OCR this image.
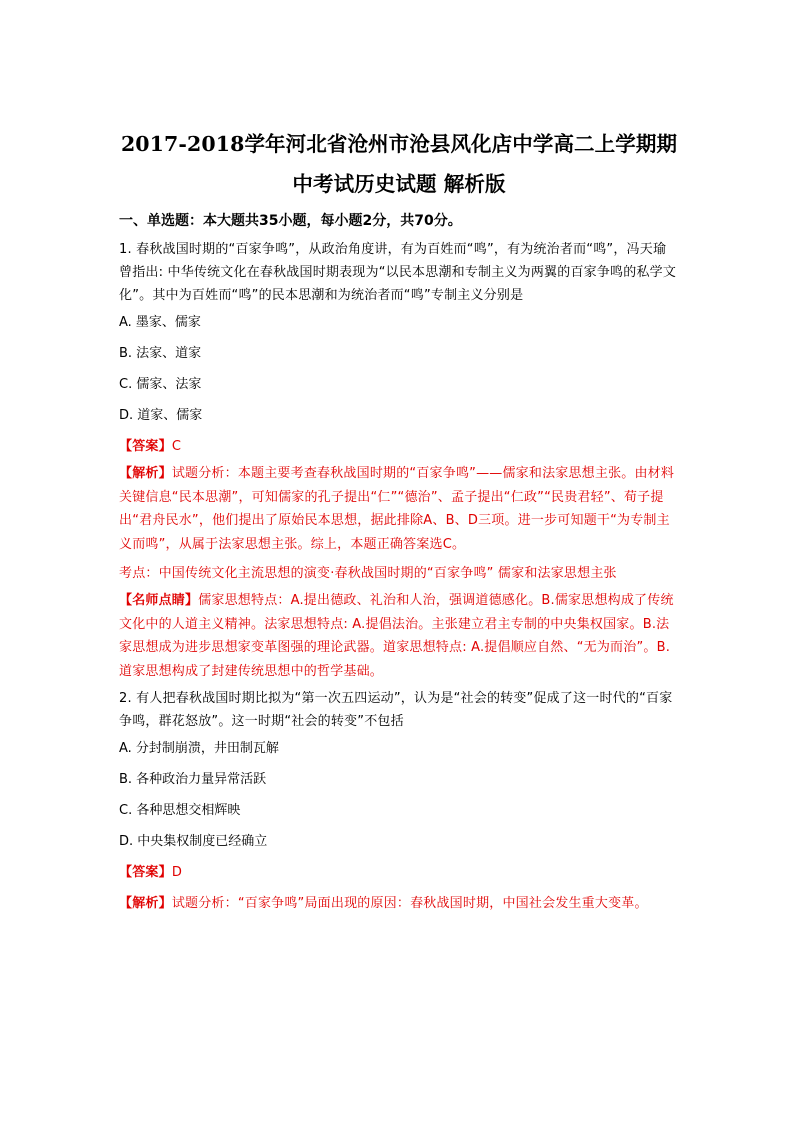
2017-2018学年河北省沧州市沧县风化店中学高二上学期期

中考试历史试题 解析版

一、单选题：本大题共35小题，每小题2分，共70分。

1. 春秋战国时期的“百家争鸣”，从政治角度讲，有为百姓而“鸣”，有为统治者而“鸣”，冯天瑜曾指出: 中华传统文化在春秋战国时期表现为“以民本思潮和专制主义为两翼的百家争鸣的私学文化”。其中为百姓而“鸣”的民本思潮和为统治者而“鸣”专制主义分别是

A. 墨家、儒家

B. 法家、道家

C. 儒家、法家

D. 道家、儒家

【答案】C

【解析】试题分析：本题主要考查春秋战国时期的“百家争鸣”——儒家和法家思想主张。由材料关键信息“民本思潮”，可知儒家的孔子提出“仁”“德治”、孟子提出“仁政”“民贵君轻”、荀子提出“君舟民水”，他们提出了原始民本思想，据此排除A、B、D三项。进一步可知题干“为专制主义而鸣”，从属于法家思想主张。综上，本题正确答案选C。

考点：中国传统文化主流思想的演变·春秋战国时期的“百家争鸣” 儒家和法家思想主张

【名师点睛】儒家思想特点：A.提出德政、礼治和人治，强调道德感化。B.儒家思想构成了传统文化中的人道主义精神。法家思想特点: A.提倡法治。主张建立君主专制的中央集权国家。B.法家思想成为进步思想家变革图强的理论武器。道家思想特点: A.提倡顺应自然、“无为而治”。B.道家思想构成了封建传统思想中的哲学基础。

2. 有人把春秋战国时期比拟为“第一次五四运动”，认为是“社会的转变”促成了这一时代的“百家争鸣，群花怒放”。这一时期“社会的转变”不包括

A. 分封制崩溃，井田制瓦解

B. 各种政治力量异常活跃

C. 各种思想交相辉映

D. 中央集权制度已经确立

【答案】D

【解析】试题分析：“百家争鸣”局面出现的原因：春秋战国时期，中国社会发生重大变革。
